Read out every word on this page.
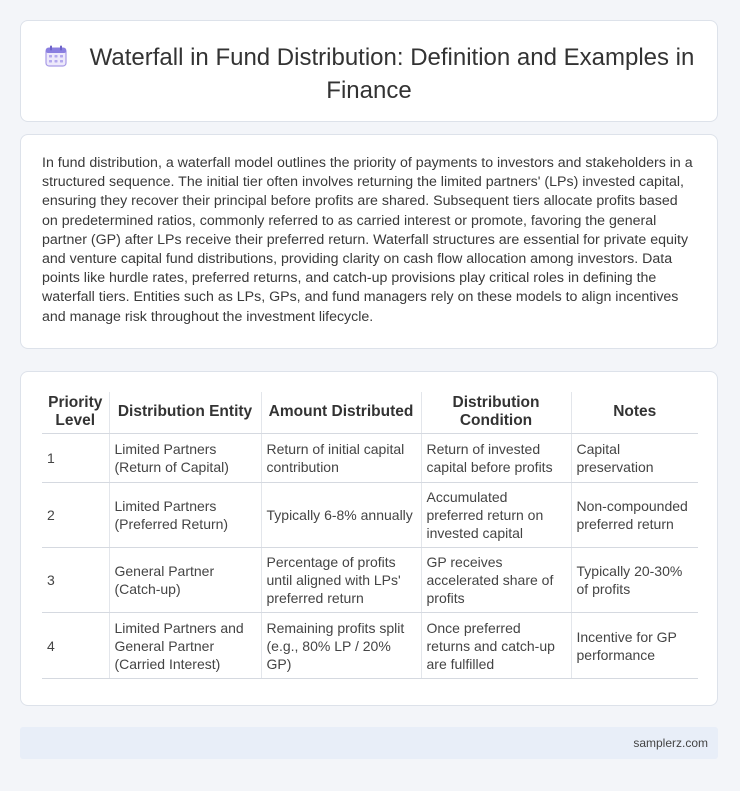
Waterfall in Fund Distribution: Definition and Examples in Finance

In fund distribution, a waterfall model outlines the priority of payments to investors and stakeholders in a structured sequence. The initial tier often involves returning the limited partners' (LPs) invested capital, ensuring they recover their principal before profits are shared. Subsequent tiers allocate profits based on predetermined ratios, commonly referred to as carried interest or promote, favoring the general partner (GP) after LPs receive their preferred return. Waterfall structures are essential for private equity and venture capital fund distributions, providing clarity on cash flow allocation among investors. Data points like hurdle rates, preferred returns, and catch-up provisions play critical roles in defining the waterfall tiers. Entities such as LPs, GPs, and fund managers rely on these models to align incentives and manage risk throughout the investment lifecycle.

Priority Level	Distribution Entity	Amount Distributed	Distribution Condition	Notes
1	Limited Partners (Return of Capital)	Return of initial capital contribution	Return of invested capital before profits	Capital preservation
2	Limited Partners (Preferred Return)	Typically 6-8% annually	Accumulated preferred return on invested capital	Non-compounded preferred return
3	General Partner (Catch-up)	Percentage of profits until aligned with LPs' preferred return	GP receives accelerated share of profits	Typically 20-30% of profits
4	Limited Partners and General Partner (Carried Interest)	Remaining profits split (e.g., 80% LP / 20% GP)	Once preferred returns and catch-up are fulfilled	Incentive for GP performance
samplerz.com
